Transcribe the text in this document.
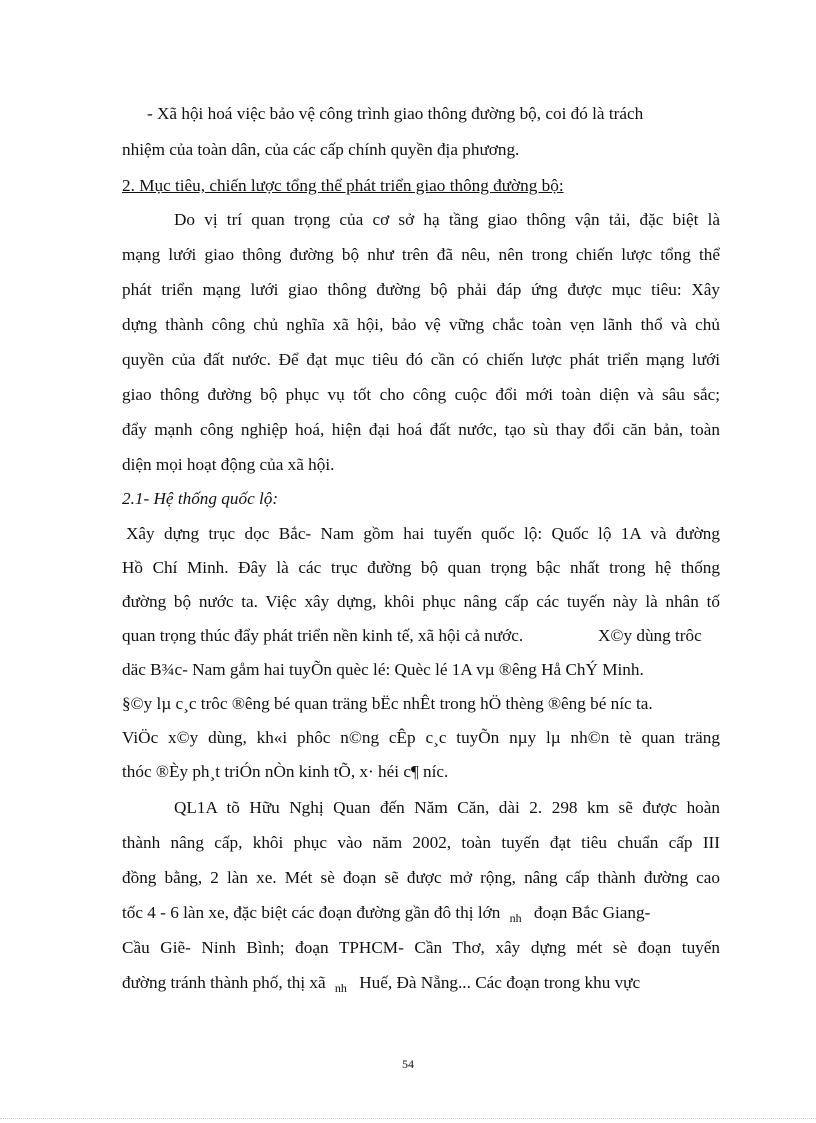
- Xã hội hoá việc bảo vệ công trình giao thông đường bộ, coi đó là trách
nhiệm của toàn dân, của các cấp chính quyền địa phương.
2. Mục tiêu, chiến lược tổng thể phát triển giao thông đường bộ:
Do vị trí quan trọng của cơ sở hạ tầng giao thông vận tải, đặc biệt là
mạng lưới giao thông đường bộ như trên đã nêu, nên trong chiến lược tổng thể
phát triển mạng lưới giao thông đường bộ phải đáp ứng được mục tiêu: Xây
dựng thành công chủ nghĩa xã hội, bảo vệ vững chắc toàn vẹn lãnh thổ và chủ
quyền của đất nước. Để đạt mục tiêu đó cần có chiến lược phát triển mạng lưới
giao thông đường bộ phục vụ tốt cho công cuộc đổi mới toàn diện và sâu sắc;
đẩy mạnh công nghiệp hoá, hiện đại hoá đất nước, tạo sù thay đổi căn bản, toàn
diện mọi hoạt động của xã hội.
2.1- Hệ thống quốc lộ:
Xây dựng trục dọc Bắc- Nam gồm hai tuyến quốc lộ: Quốc lộ 1A và đường
Hồ Chí Minh. Đây là các trục đường bộ quan trọng bậc nhất trong hệ thống
đường bộ nước ta. Việc xây dựng, khôi phục nâng cấp các tuyến này là nhân tố
quan trọng thúc đẩy phát triển nền kinh tế, xã hội cả nước.	X©y dùng trôc
däc B¾c- Nam gåm hai tuyÕn quèc lé: Quèc lé 1A vµ ®êng Hå ChÝ Minh.
§©y lµ c¸c trôc ®êng bé quan träng bËc nhÊt trong hÖ thèng ®êng bé níc ta.
ViÖc x©y dùng, kh«i phôc n©ng cÊp c¸c tuyÕn nµy lµ nh©n tè quan träng
thóc ®Èy ph¸t triÓn nÒn kinh tÕ, x· héi c¶ níc.
QL1A tõ Hữu Nghị Quan đến Năm Căn, dài 2. 298 km sẽ được hoàn
thành nâng cấp, khôi phục vào năm 2002, toàn tuyến đạt tiêu chuẩn cấp III
đồng bằng, 2 làn xe. Mét sè đoạn sẽ được mở rộng, nâng cấp thành đường cao
tốc 4 - 6 làn xe, đặc biệt các đoạn đường gần đô thị lớn $_{nh}$ đoạn Bắc Giang-
Cầu Giẽ- Ninh Bình; đoạn TPHCM- Cần Thơ, xây dựng mét sè đoạn tuyến
đường tránh thành phố, thị xã $_{nh}$ Huế, Đà Nẵng... Các đoạn trong khu vực
54
